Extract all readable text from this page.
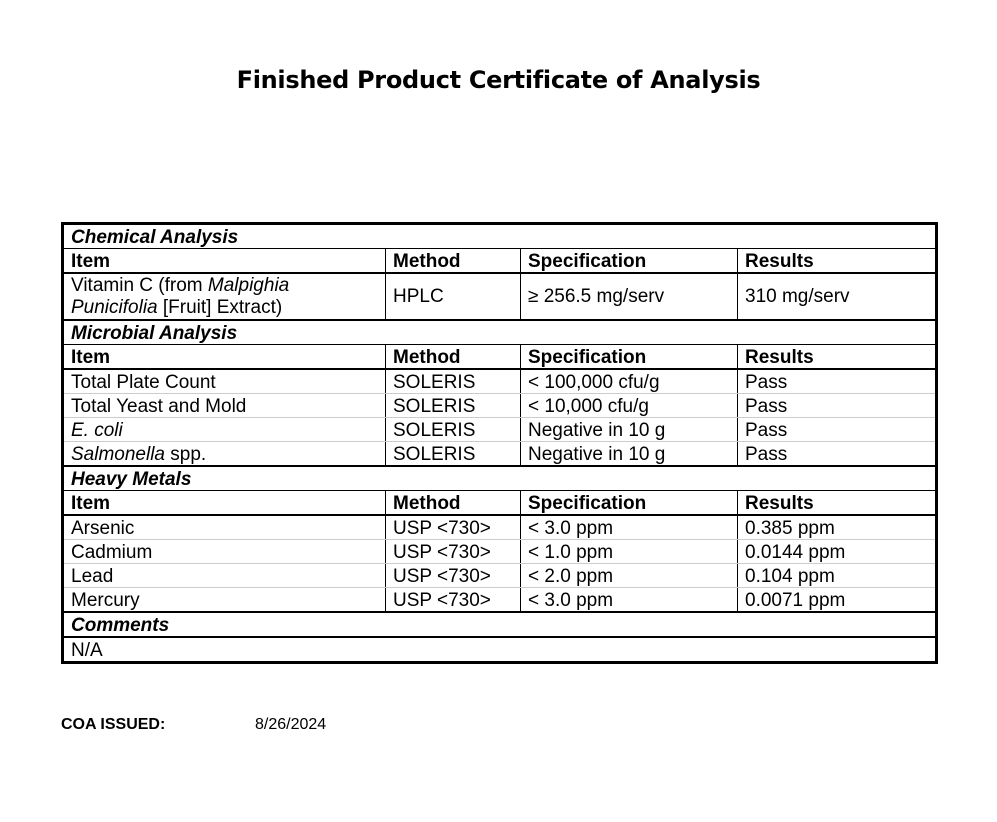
Finished Product Certificate of Analysis
Chemical Analysis			
Item	Method	Specification	Results
Vitamin C (from Malpighia
Punicifolia [Fruit] Extract)	HPLC	≥ 256.5 mg/serv	310 mg/serv
Microbial Analysis			
Item	Method	Specification	Results
Total Plate Count	SOLERIS	< 100,000 cfu/g	Pass
Total Yeast and Mold	SOLERIS	< 10,000 cfu/g	Pass
E. coli	SOLERIS	Negative in 10 g	Pass
Salmonella spp.	SOLERIS	Negative in 10 g	Pass
Heavy Metals			
Item	Method	Specification	Results
Arsenic	USP <730>	< 3.0 ppm	0.385 ppm
Cadmium	USP <730>	< 1.0 ppm	0.0144 ppm
Lead	USP <730>	< 2.0 ppm	0.104 ppm
Mercury	USP <730>	< 3.0 ppm	0.0071 ppm
Comments			
N/A			
COA ISSUED:	8/26/2024
